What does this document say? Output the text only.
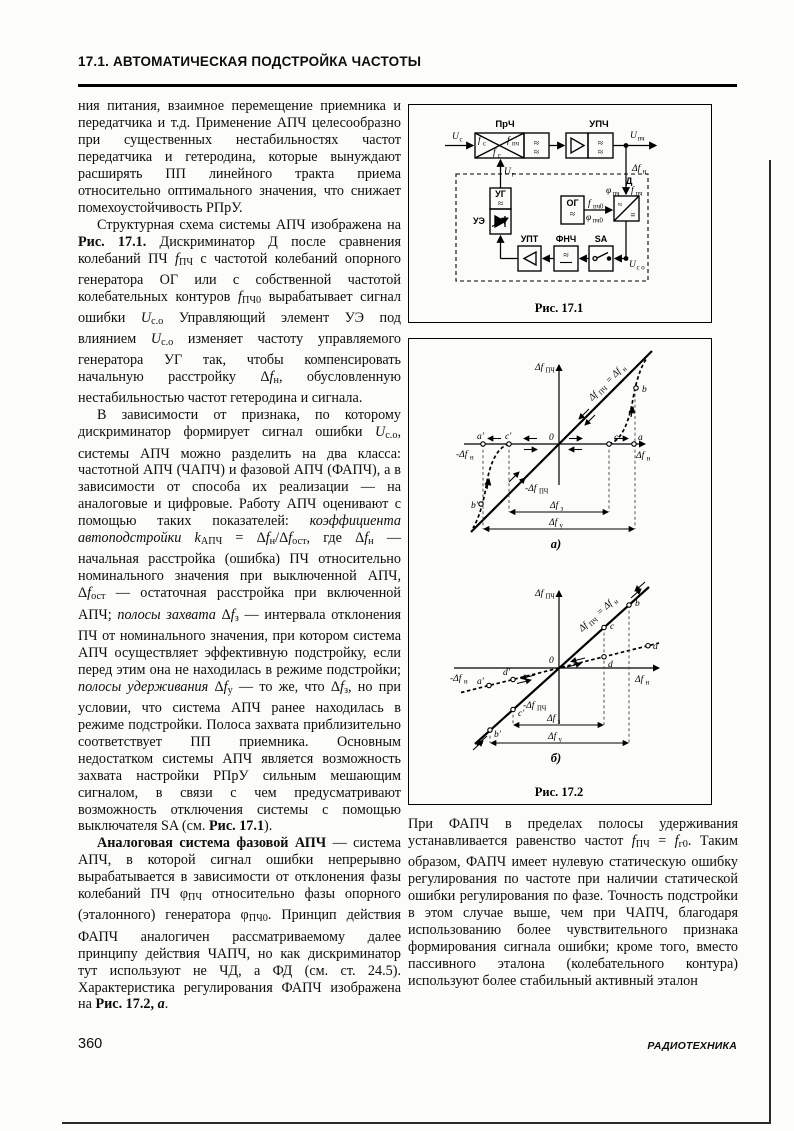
17.1. АВТОМАТИЧЕСКАЯ ПОДСТРОЙКА ЧАСТОТЫ

ния питания, взаимное перемещение приемника и передатчика и т.д. Применение АПЧ целесообразно при существенных нестабильностях частот передатчика и гетеродина, которые вынуждают расширять ПП линейного тракта приема относительно оптимального значения, что снижает помехоустойчивость РПрУ.

Структурная схема системы АПЧ изображена на Рис. 17.1. Дискриминатор Д после сравнения колебаний ПЧ fПЧ с частотой колебаний опорного генератора ОГ или с собственной частотой колебательных контуров fПЧ0 вырабатывает сигнал ошибки Uс.о Управляющий элемент УЭ под влиянием Uс.о изменяет частоту управляемого генератора УГ так, чтобы компенсировать начальную расстройку Δfн, обусловленную нестабильностью частот гетеродина и сигнала.

В зависимости от признака, по которому дискриминатор формирует сигнал ошибки Uс.о, системы АПЧ можно разделить на два класса: частотной АПЧ (ЧАПЧ) и фазовой АПЧ (ФАПЧ), а в зависимости от способа их реализации — на аналоговые и цифровые. Работу АПЧ оценивают с помощью таких показателей: коэффициента автоподстройки kАПЧ = Δfн/Δfост, где Δfн — начальная расстройка (ошибка) ПЧ относительно номинального значения при выключенной АПЧ, Δfост — остаточная расстройка при включенной АПЧ; полосы захвата Δfз — интервала отклонения ПЧ от номинального значения, при котором система АПЧ осуществляет эффективную подстройку, если перед этим она не находилась в режиме подстройки; полосы удерживания Δfу — то же, что Δfз, но при условии, что система АПЧ ранее находилась в режиме подстройки. Полоса захвата приблизительно соответствует ПП приемника. Основным недостатком системы АПЧ является возможность захвата настройки РПрУ сильным мешающим сигналом, в связи с чем предусматривают возможность отключения системы с помощью выключателя SA (см. Рис. 17.1).

Аналоговая система фазовой АПЧ — система АПЧ, в которой сигнал ошибки непрерывно вырабатывается в зависимости от отклонения фазы колебаний ПЧ φПЧ относительно фазы опорного (эталонного) генератора φПЧ0. Принцип действия ФАПЧ аналогичен рассматриваемому далее принципу действия ЧАПЧ, но как дискриминатор тут используют не ЧД, а ФД (см. ст. 24.5). Характеристика регулирования ФАПЧ изображена на Рис. 17.2, а.

ПрЧ
f с f пч
f г
≈
≈
УПЧ
≈
≈
U с	U пч
Δf н
U г
УГ
≈
УЭ
ОГ
≈
f пч0
φ пч0
Д
φ пч f пч
≈
=
УПТ ФНЧ
≈
SA
U с о
Рис. 17.1
Δf
ПЧ
=
Δf
н
a' c'	c a
b
b'
Δf ПЧ
Δf н
-Δf н
-Δf ПЧ
0
Δf з
Δf у
а)
Δf
ПЧ
=
Δf
н b
c
d
a
d'
a'
c'
b'
Δf ПЧ
Δf н
-Δf н
-Δf ПЧ
0
Δf з
Δf у
б)
Рис. 17.2

При ФАПЧ в пределах полосы удерживания устанавливается равенство частот fПЧ = fг0. Таким образом, ФАПЧ имеет нулевую статическую ошибку регулирования по частоте при наличии статической ошибки регулирования по фазе. Точность подстройки в этом случае выше, чем при ЧАПЧ, благодаря использованию более чувствительного признака формирования сигнала ошибки; кроме того, вместо пассивного эталона (колебательного контура) используют более стабильный активный эталон

360	РАДИОТЕХНИКА
